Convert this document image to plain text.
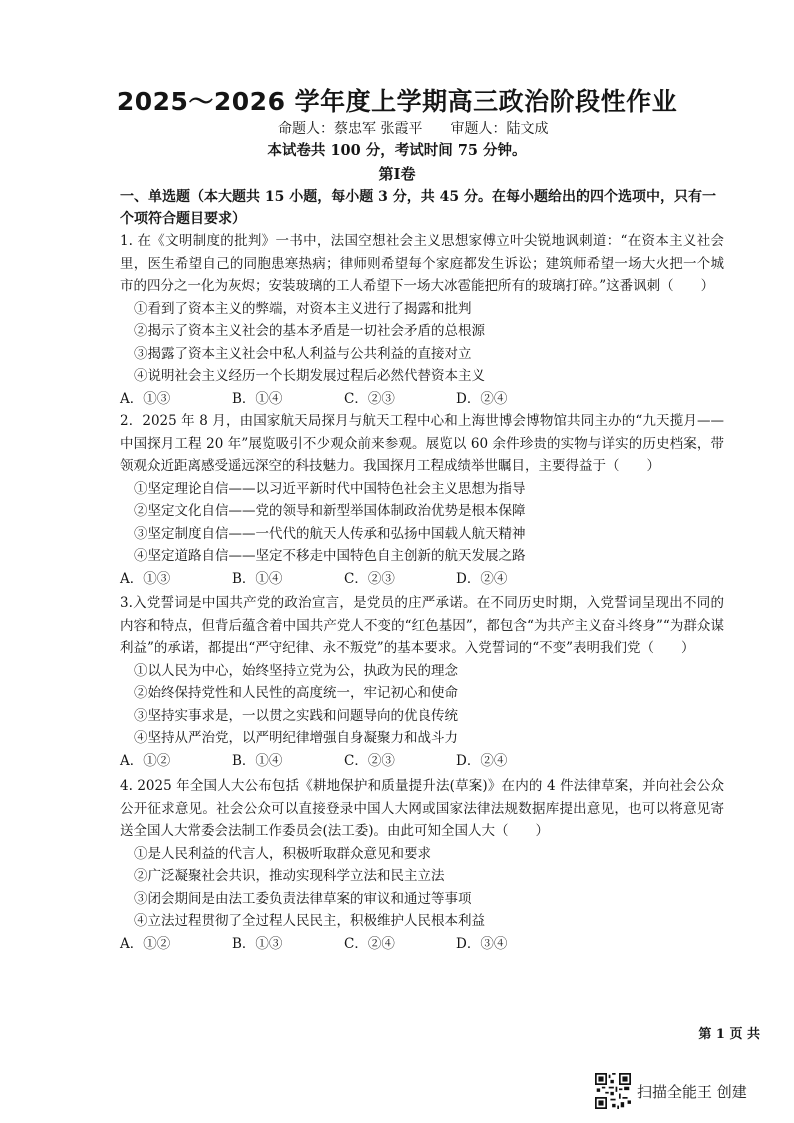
2025～2026 学年度上学期高三政治阶段性作业
命题人：蔡忠军 张霞平　　审题人：陆文成
本试卷共 100 分，考试时间 75 分钟。
第Ⅰ卷
一、单选题（本大题共 15 小题，每小题 3 分，共 45 分。在每小题给出的四个选项中，只有一个项符合题目要求）
1. 在《文明制度的批判》一书中，法国空想社会主义思想家傅立叶尖锐地讽刺道：“在资本主义社会里，医生希望自己的同胞患寒热病；律师则希望每个家庭都发生诉讼；建筑师希望一场大火把一个城市的四分之一化为灰烬；安装玻璃的工人希望下一场大冰雹能把所有的玻璃打碎。”这番讽刺（　　）
①看到了资本主义的弊端，对资本主义进行了揭露和批判
②揭示了资本主义社会的基本矛盾是一切社会矛盾的总根源
③揭露了资本主义社会中私人利益与公共利益的直接对立
④说明社会主义经历一个长期发展过程后必然代替资本主义
A．①③	B．①④	C．②③	D．②④
2．2025 年 8 月，由国家航天局探月与航天工程中心和上海世博会博物馆共同主办的“九天揽月——中国探月工程 20 年”展览吸引不少观众前来参观。展览以 60 余件珍贵的实物与详实的历史档案，带领观众近距离感受遥远深空的科技魅力。我国探月工程成绩举世瞩目，主要得益于（　　）
①坚定理论自信——以习近平新时代中国特色社会主义思想为指导
②坚定文化自信——党的领导和新型举国体制政治优势是根本保障
③坚定制度自信——一代代的航天人传承和弘扬中国载人航天精神
④坚定道路自信——坚定不移走中国特色自主创新的航天发展之路
A．①③	B．①④	C．②③	D．②④
3.入党誓词是中国共产党的政治宣言，是党员的庄严承诺。在不同历史时期，入党誓词呈现出不同的内容和特点，但背后蕴含着中国共产党人不变的“红色基因”，都包含“为共产主义奋斗终身”“为群众谋利益”的承诺，都提出“严守纪律、永不叛党”的基本要求。入党誓词的“不变”表明我们党（　　）
①以人民为中心，始终坚持立党为公，执政为民的理念
②始终保持党性和人民性的高度统一，牢记初心和使命
③坚持实事求是，一以贯之实践和问题导向的优良传统
④坚持从严治党，以严明纪律增强自身凝聚力和战斗力
A．①②	B．①④	C．②③	D．②④
4. 2025 年全国人大公布包括《耕地保护和质量提升法(草案)》在内的 4 件法律草案，并向社会公众公开征求意见。社会公众可以直接登录中国人大网或国家法律法规数据库提出意见，也可以将意见寄送全国人大常委会法制工作委员会(法工委)。由此可知全国人大（　　）
①是人民利益的代言人，积极听取群众意见和要求
②广泛凝聚社会共识，推动实现科学立法和民主立法
③闭会期间是由法工委负责法律草案的审议和通过等事项
④立法过程贯彻了全过程人民民主，积极维护人民根本利益
A．①②	B．①③	C．②④	D．③④
第 1 页 共
扫描全能王 创建
